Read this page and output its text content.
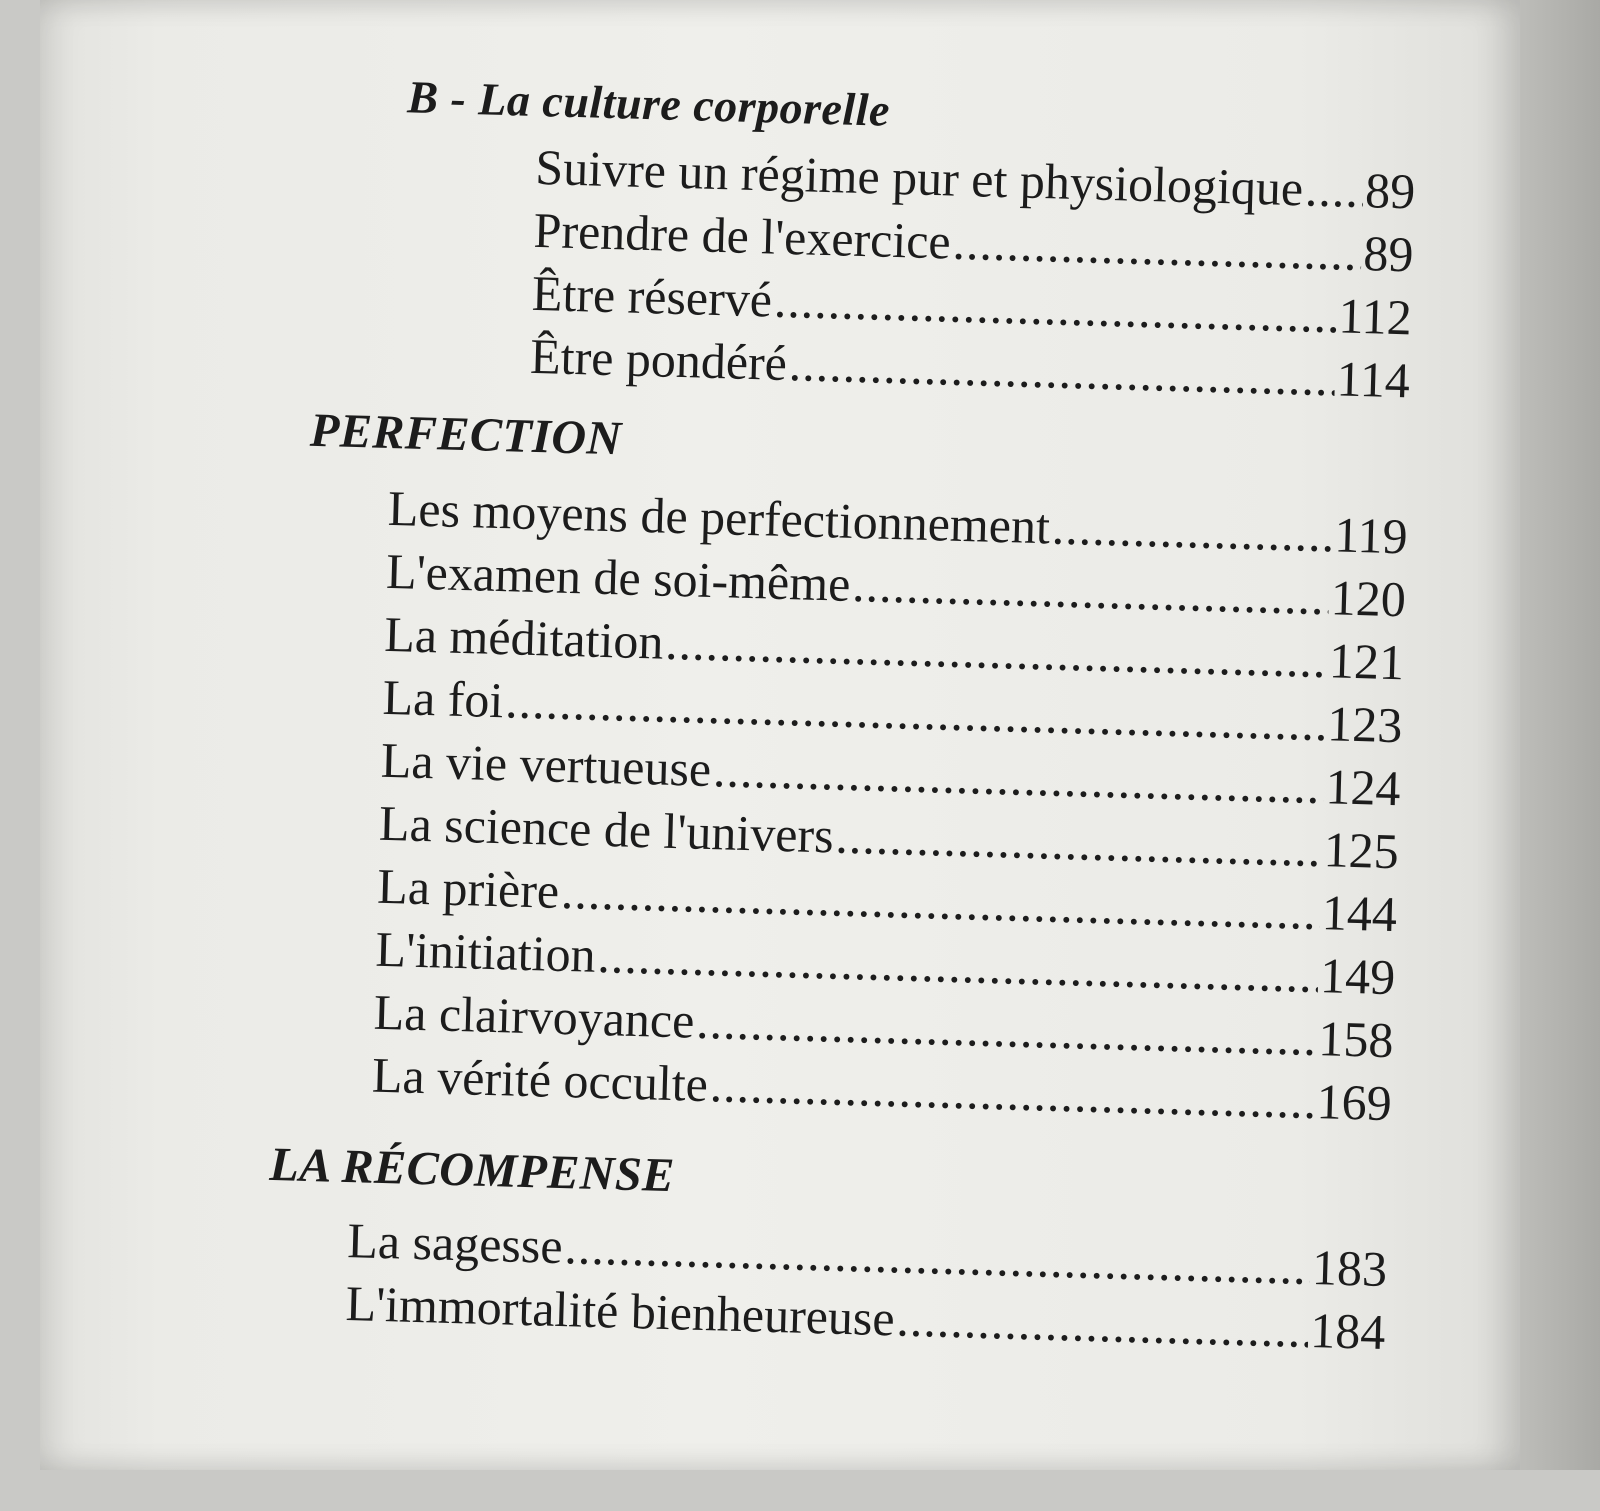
B - La culture corporelle
Suivre un régime pur et physiologique ..... 89
Prendre de l'exercice .....	89
Être réservé .....	112
Être pondéré .....	114
PERFECTION
Les moyens de perfectionnement .....	119
L'examen de soi-même .....	120
La méditation .....	121
La foi .....	123
La vie vertueuse .....	124
La science de l'univers .....	125
La prière .....	144
L'initiation .....	149
La clairvoyance .....	158
La vérité occulte .....	169
LA RÉCOMPENSE
La sagesse .....	183
L'immortalité bienheureuse .....	184
